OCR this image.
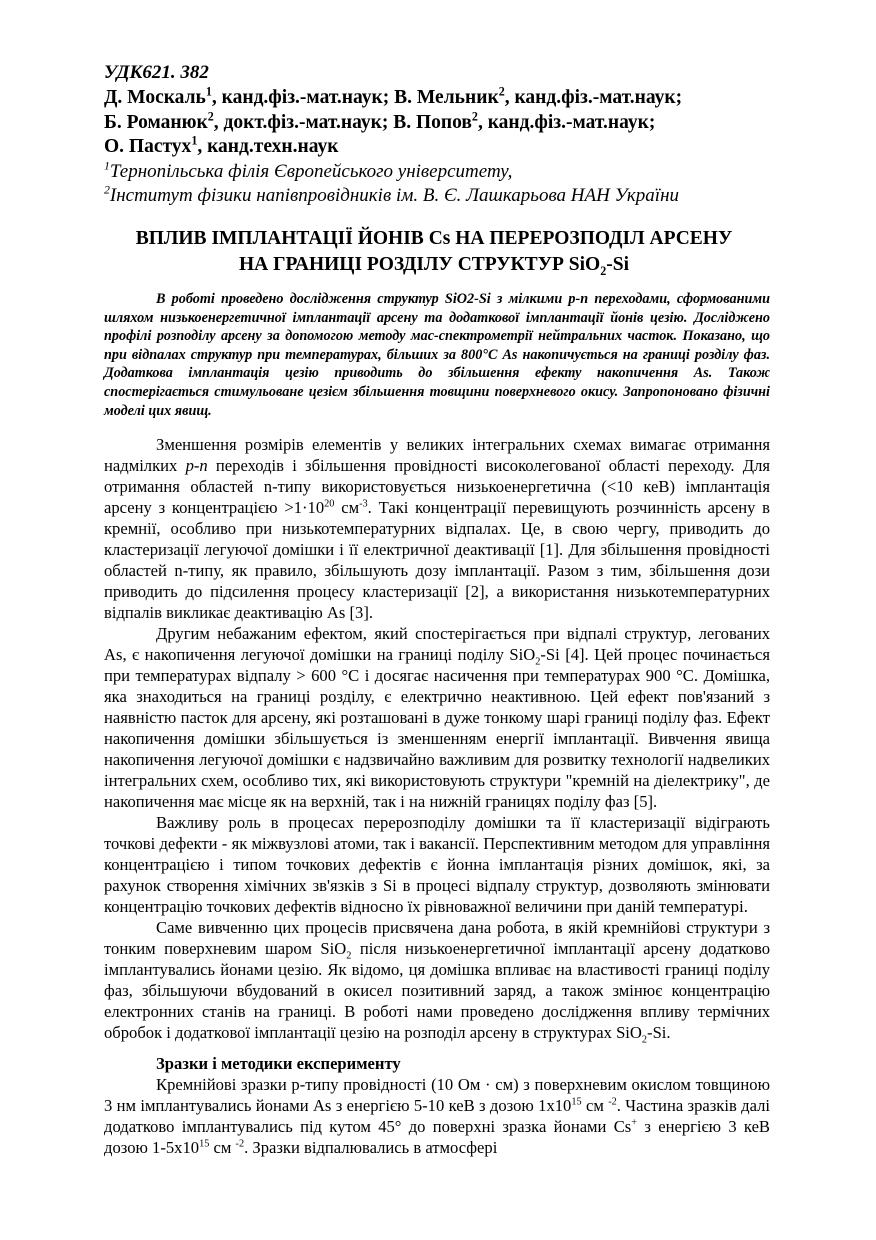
УДК621. 382
Д. Москаль$^1$, канд.фіз.-мат.наук; В. Мельник$^2$, канд.фіз.-мат.наук;
Б. Романюк$^2$, докт.фіз.-мат.наук; В. Попов$^2$, канд.фіз.-мат.наук;
О. Пастух$^1$, канд.техн.наук
$^1$Тернопільська філія Європейського університету,
$^2$Інститут фізики напівпровідників ім. В. Є. Лашкарьова НАН України
ВПЛИВ ІМПЛАНТАЦІЇ ЙОНІВ Cs НА ПЕРЕРОЗПОДІЛ АРСЕНУ
НА ГРАНИЦІ РОЗДІЛУ СТРУКТУР SiO$_2$-Si
В роботі проведено дослідження структур SiO2-Si з мілкими р-n переходами, сформованими шляхом низькоенергетичної імплантації арсену та додаткової імплантації йонів цезію. Досліджено профілі розподілу арсену за допомогою методу мас-спектрометрії нейтральних часток. Показано, що при відпалах структур при температурах, більших за 800°С As накопичується на границі розділу фаз. Додаткова імплантація цезію приводить до збільшення ефекту накопичення As. Також спостерігається стимульоване цезієм збільшення товщини поверхневого окису. Запропоновано фізичні моделі цих явищ.

Зменшення розмірів елементів у великих інтегральних схемах вимагає отримання надмілких p-n переходів і збільшення провідності високолегованої області переходу. Для отримання областей n-типу використовується низькоенергетична (<10 кеВ) імплантація арсену з концентрацією $>1\cdot 10^{20}$ $см^{-3}$. Такі концентрації перевищують розчинність арсену в кремнії, особливо при низькотемпературних відпалах. Це, в свою чергу, приводить до кластеризації легуючої домішки і її електричної деактивації [1]. Для збільшення провідності областей n-типу, як правило, збільшують дозу імплантації. Разом з тим, збільшення дози приводить до підсилення процесу кластеризації [2], а використання низькотемпературних відпалів викликає деактивацію As [3].

Другим небажаним ефектом, який спостерігається при відпалі структур, легованих As, є накопичення легуючої домішки на границі поділу SiO$_2$-Si [4]. Цей процес починається при температурах відпалу > 600 °С і досягає насичення при температурах 900 °С. Домішка, яка знаходиться на границі розділу, є електрично неактивною. Цей ефект пов'язаний з наявністю пасток для арсену, які розташовані в дуже тонкому шарі границі поділу фаз. Ефект накопичення домішки збільшується із зменшенням енергії імплантації. Вивчення явища накопичення легуючої домішки є надзвичайно важливим для розвитку технології надвеликих інтегральних схем, особливо тих, які використовують структури "кремній на діелектрику", де накопичення має місце як на верхній, так і на нижній границях поділу фаз [5].

Важливу роль в процесах перерозподілу домішки та її кластеризації відіграють точкові дефекти - як міжвузлові атоми, так і вакансії. Перспективним методом для управління концентрацією і типом точкових дефектів є йонна імплантація різних домішок, які, за рахунок створення хімічних зв'язків з Si в процесі відпалу структур, дозволяють змінювати концентрацію точкових дефектів відносно їх рівноважної величини при даній температурі.

Саме вивченню цих процесів присвячена дана робота, в якій кремнійові структури з тонким поверхневим шаром SiO$_2$ після низькоенергетичної імплантації арсену додатково імплантувались йонами цезію. Як відомо, ця домішка впливає на властивості границі поділу фаз, збільшуючи вбудований в окисел позитивний заряд, а також змінює концентрацію електронних станів на границі. В роботі нами проведено дослідження впливу термічних обробок і додаткової імплантації цезію на розподіл арсену в структурах SiO$_2$-Si.

Зразки і методики експерименту

Кремнійові зразки p-типу провідності (10 Ом · см) з поверхневим окислом товщиною 3 нм імплантувались йонами As з енергією 5-10 кеВ з дозою $1х10^{15}$ см $^{-2}$. Частина зразків далі додатково імплантувались під кутом 45° до поверхні зразка йонами Cs+ з енергією 3 кеВ дозою $1-5х10^{15}$ см $^{-2}$. Зразки відпалювались в атмосфері
